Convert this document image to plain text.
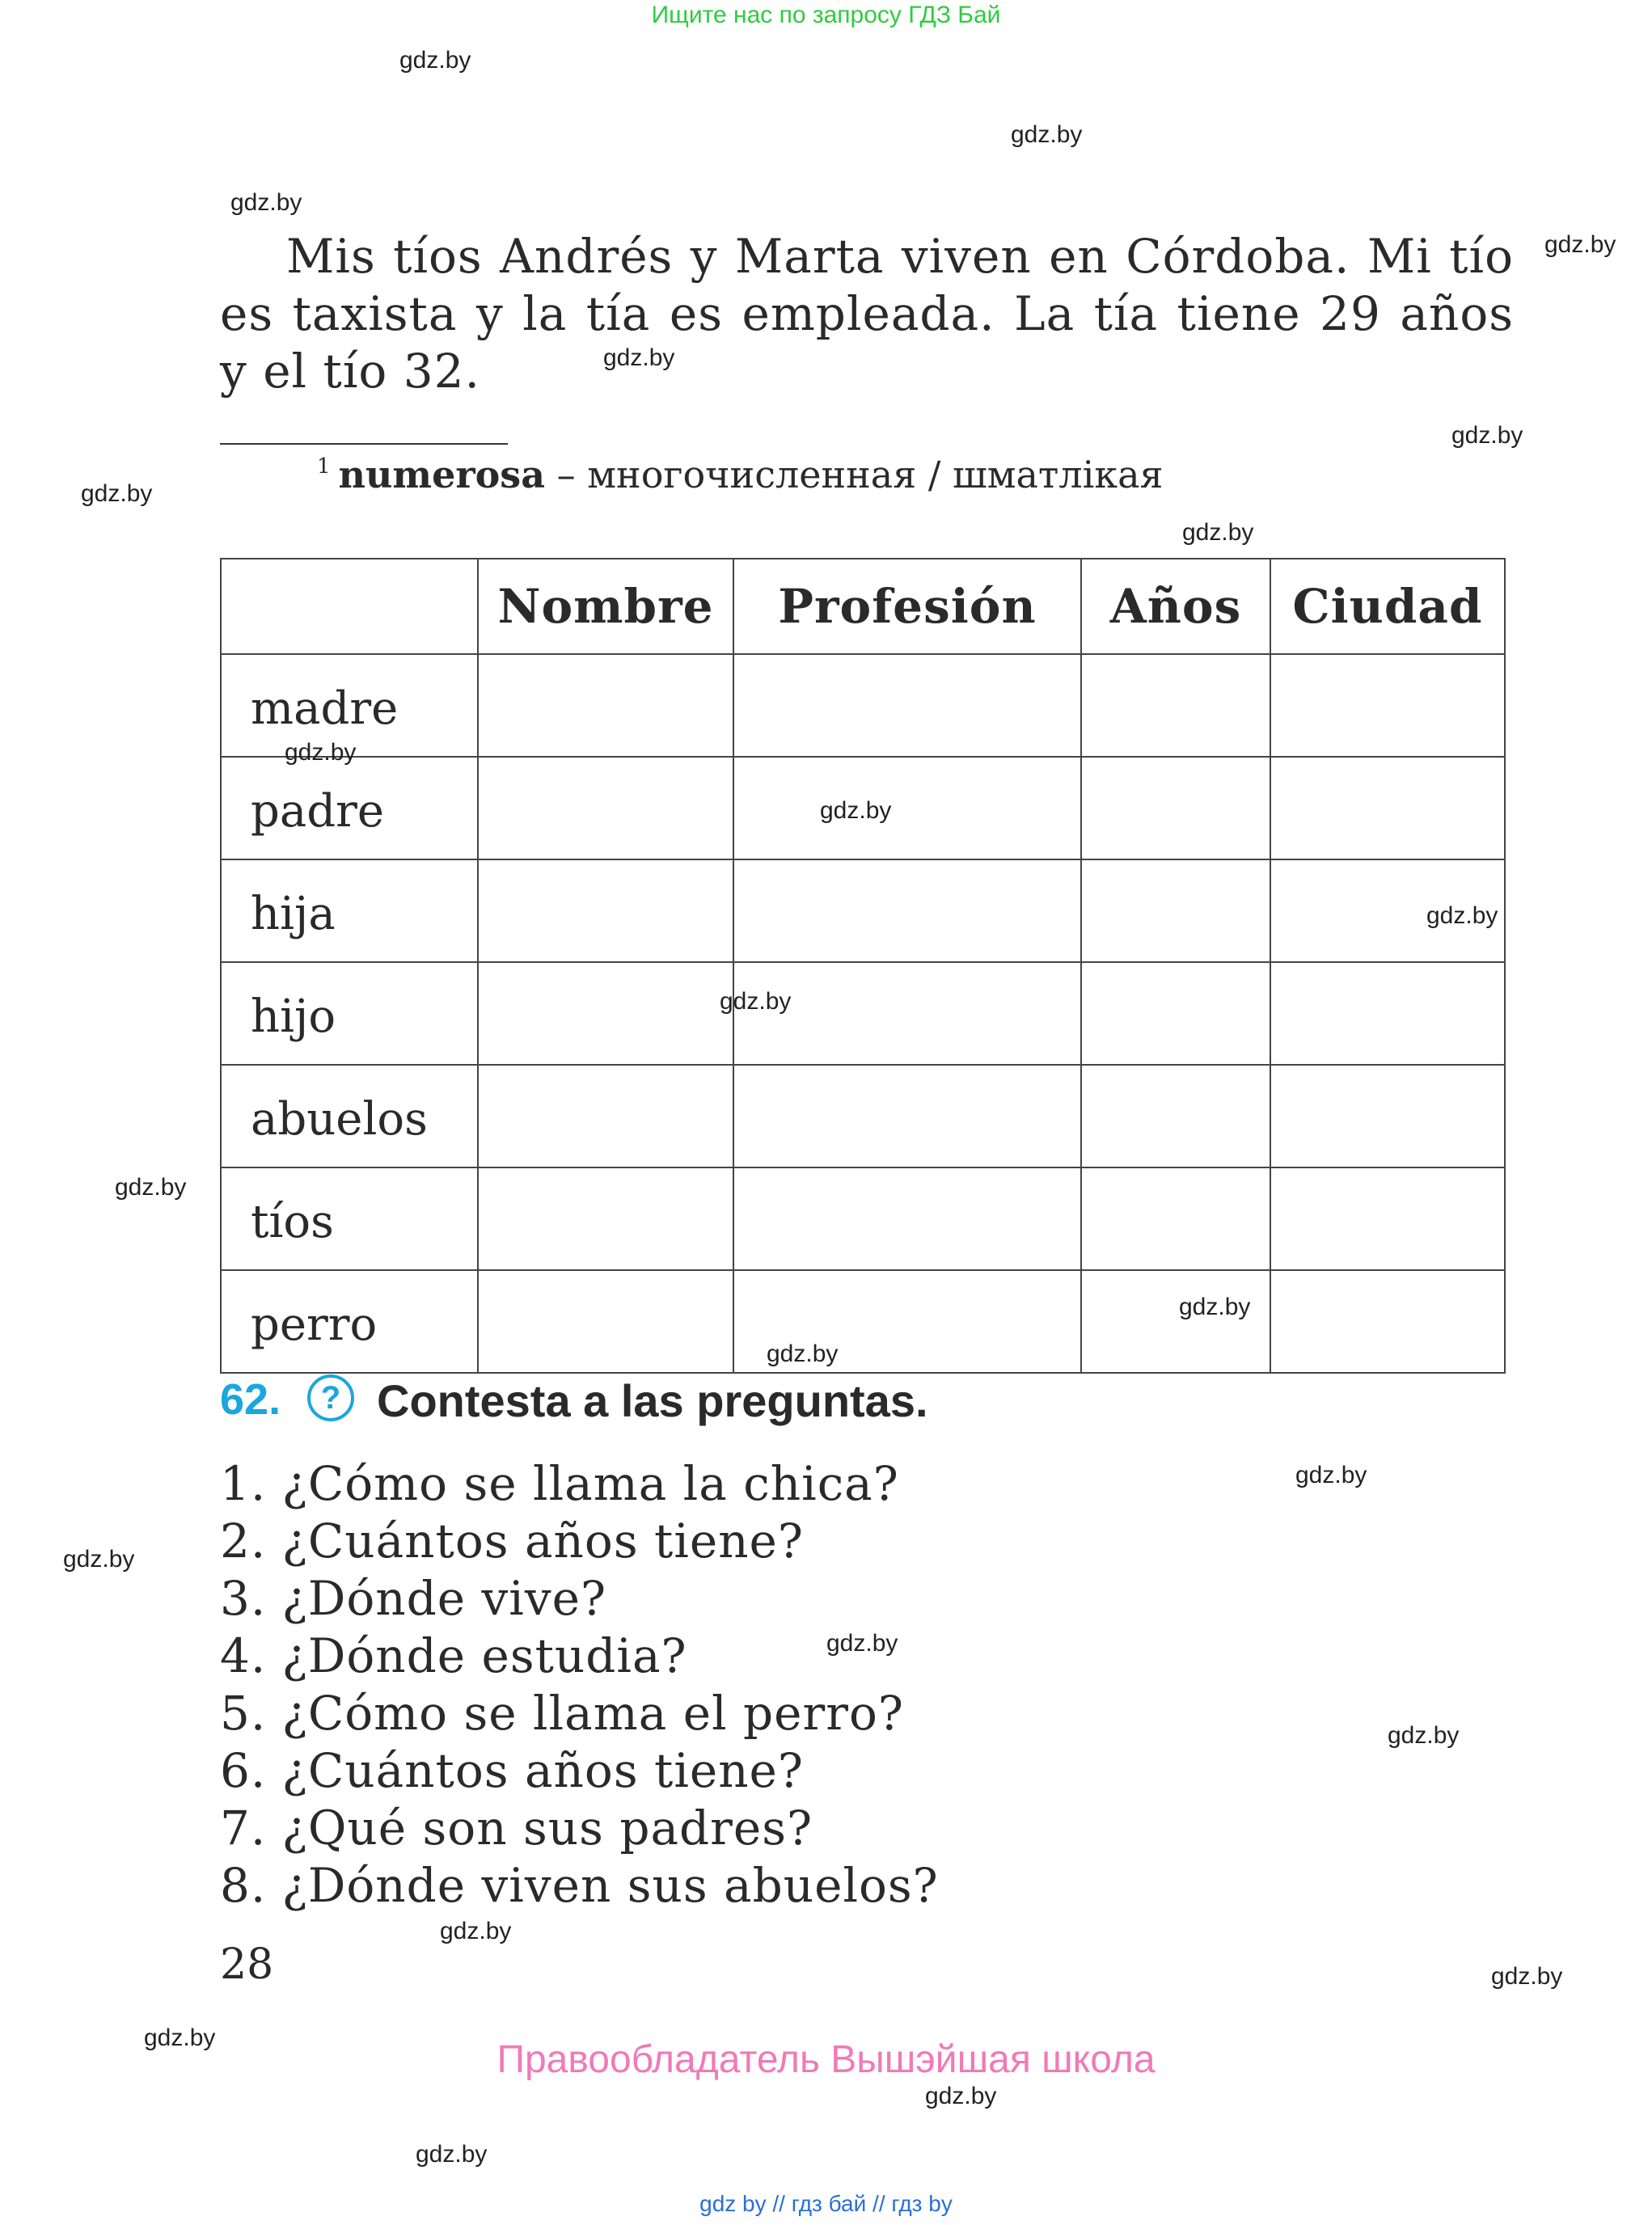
Ищите нас по запросу ГДЗ Бай
gdz.by
gdz.by
gdz.by
gdz.by
gdz.by
gdz.by
gdz.by
gdz.by

Mis tíos Andrés y Marta viven en Córdoba. Mi tío es taxista y la tía es empleada. La tía tiene 29 años y el tío 32.

$^1$ numerosa – многочисленная / шматлікая
	Nombre	Profesión	Años	Ciudad
madre				
padre				
hija				
hijo				
abuelos				
tíos				
perro				
gdz.by
gdz.by
gdz.by
gdz.by
gdz.by
gdz.by
gdz.by
62.	? Contesta a las preguntas.
1. ¿Cómo se llama la chica?
2. ¿Cuántos años tiene?
3. ¿Dónde vive?
4. ¿Dónde estudia?
5. ¿Cómo se llama el perro?
6. ¿Cuántos años tiene?
7. ¿Qué son sus padres?
8. ¿Dónde viven sus abuelos?
gdz.by
gdz.by
gdz.by
gdz.by
gdz.by
gdz.by
gdz.by
gdz.by
gdz.by
28
Правообладатель Вышэйшая школа
gdz by // гдз бай // гдз by
